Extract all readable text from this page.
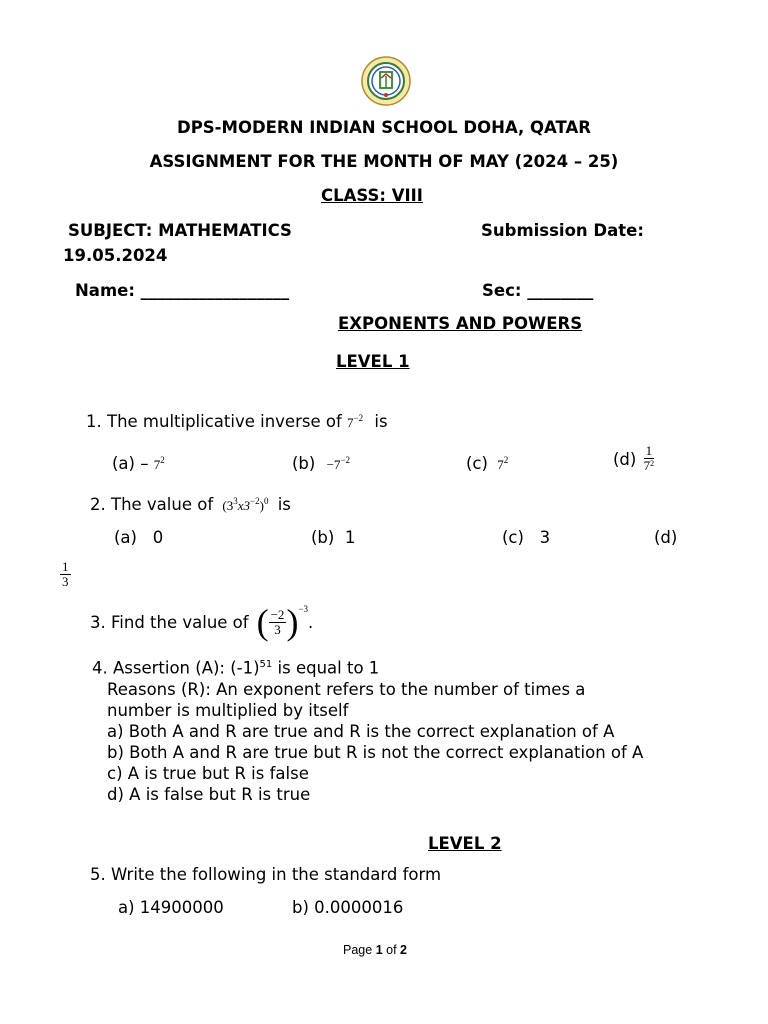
DPS-MODERN INDIAN SCHOOL DOHA, QATAR
ASSIGNMENT FOR THE MONTH OF MAY (2024 – 25)
CLASS: VIII
SUBJECT: MATHEMATICS	Submission Date:
19.05.2024
Name: __________________	Sec: ________
EXPONENTS AND POWERS
LEVEL 1
1. The multiplicative inverse of $7^{-2}$ is
$(a) - 7^2$	$(b) -7^{-2}$	(c) $7^2$	$(d) \frac{1}{7^2}$
2. The value of $(3^3x3^{-2})^0$ is
(a)   0	(b)  1	(c)   3	(d)
$\frac{1}{3}$
3. Find the value of ( $\frac{-2}{3}$ ) −3
.
4. Assertion (A): $(-1)^{51}$ is equal to 1
Reasons (R): An exponent refers to the number of times a
number is multiplied by itself
a) Both A and R are true and R is the correct explanation of A
b) Both A and R are true but R is not the correct explanation of A
c) A is true but R is false
d) A is false but R is true
LEVEL 2
5. Write the following in the standard form
a) 14900000	b) 0.0000016
Page 1 of 2
